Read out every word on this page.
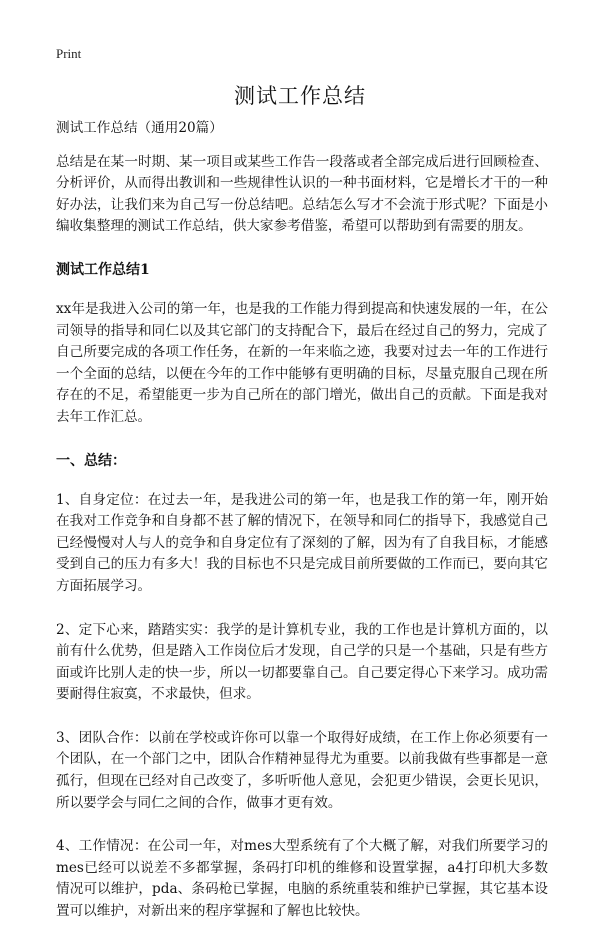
Print
测试工作总结

测试工作总结（通用20篇）

总结是在某一时期、某一项目或某些工作告一段落或者全部完成后进行回顾检查、分析评价，从而得出教训和一些规律性认识的一种书面材料，它是增长才干的一种好办法，让我们来为自己写一份总结吧。总结怎么写才不会流于形式呢？下面是小编收集整理的测试工作总结，供大家参考借鉴，希望可以帮助到有需要的朋友。

测试工作总结1

xx年是我进入公司的第一年，也是我的工作能力得到提高和快速发展的一年，在公司领导的指导和同仁以及其它部门的支持配合下，最后在经过自己的努力，完成了自己所要完成的各项工作任务，在新的一年来临之迹，我要对过去一年的工作进行一个全面的总结，以便在今年的工作中能够有更明确的目标，尽量克服自己现在所存在的不足，希望能更一步为自己所在的部门增光，做出自己的贡献。下面是我对去年工作汇总。

一、总结：

1、自身定位：在过去一年，是我进公司的第一年，也是我工作的第一年，刚开始在我对工作竞争和自身都不甚了解的情况下，在领导和同仁的指导下，我感觉自己已经慢慢对人与人的竞争和自身定位有了深刻的了解，因为有了自我目标，才能感受到自己的压力有多大！我的目标也不只是完成目前所要做的工作而已，要向其它方面拓展学习。

2、定下心来，踏踏实实：我学的是计算机专业，我的工作也是计算机方面的，以前有什么优势，但是踏入工作岗位后才发现，自己学的只是一个基础，只是有些方面或许比别人走的快一步，所以一切都要靠自己。自己要定得心下来学习。成功需要耐得住寂寞，不求最快，但求。

3、团队合作：以前在学校或许你可以靠一个取得好成绩，在工作上你必须要有一个团队，在一个部门之中，团队合作精神显得尤为重要。以前我做有些事都是一意孤行，但现在已经对自己改变了，多听听他人意见，会犯更少错误，会更长见识，所以要学会与同仁之间的合作，做事才更有效。

4、工作情况：在公司一年，对mes大型系统有了个大概了解，对我们所要学习的mes已经可以说差不多都掌握，条码打印机的维修和设置掌握，a4打印机大多数情况可以维护，pda、条码枪已掌握，电脑的系统重装和维护已掌握，其它基本设置可以维护，对新出来的程序掌握和了解也比较快。
